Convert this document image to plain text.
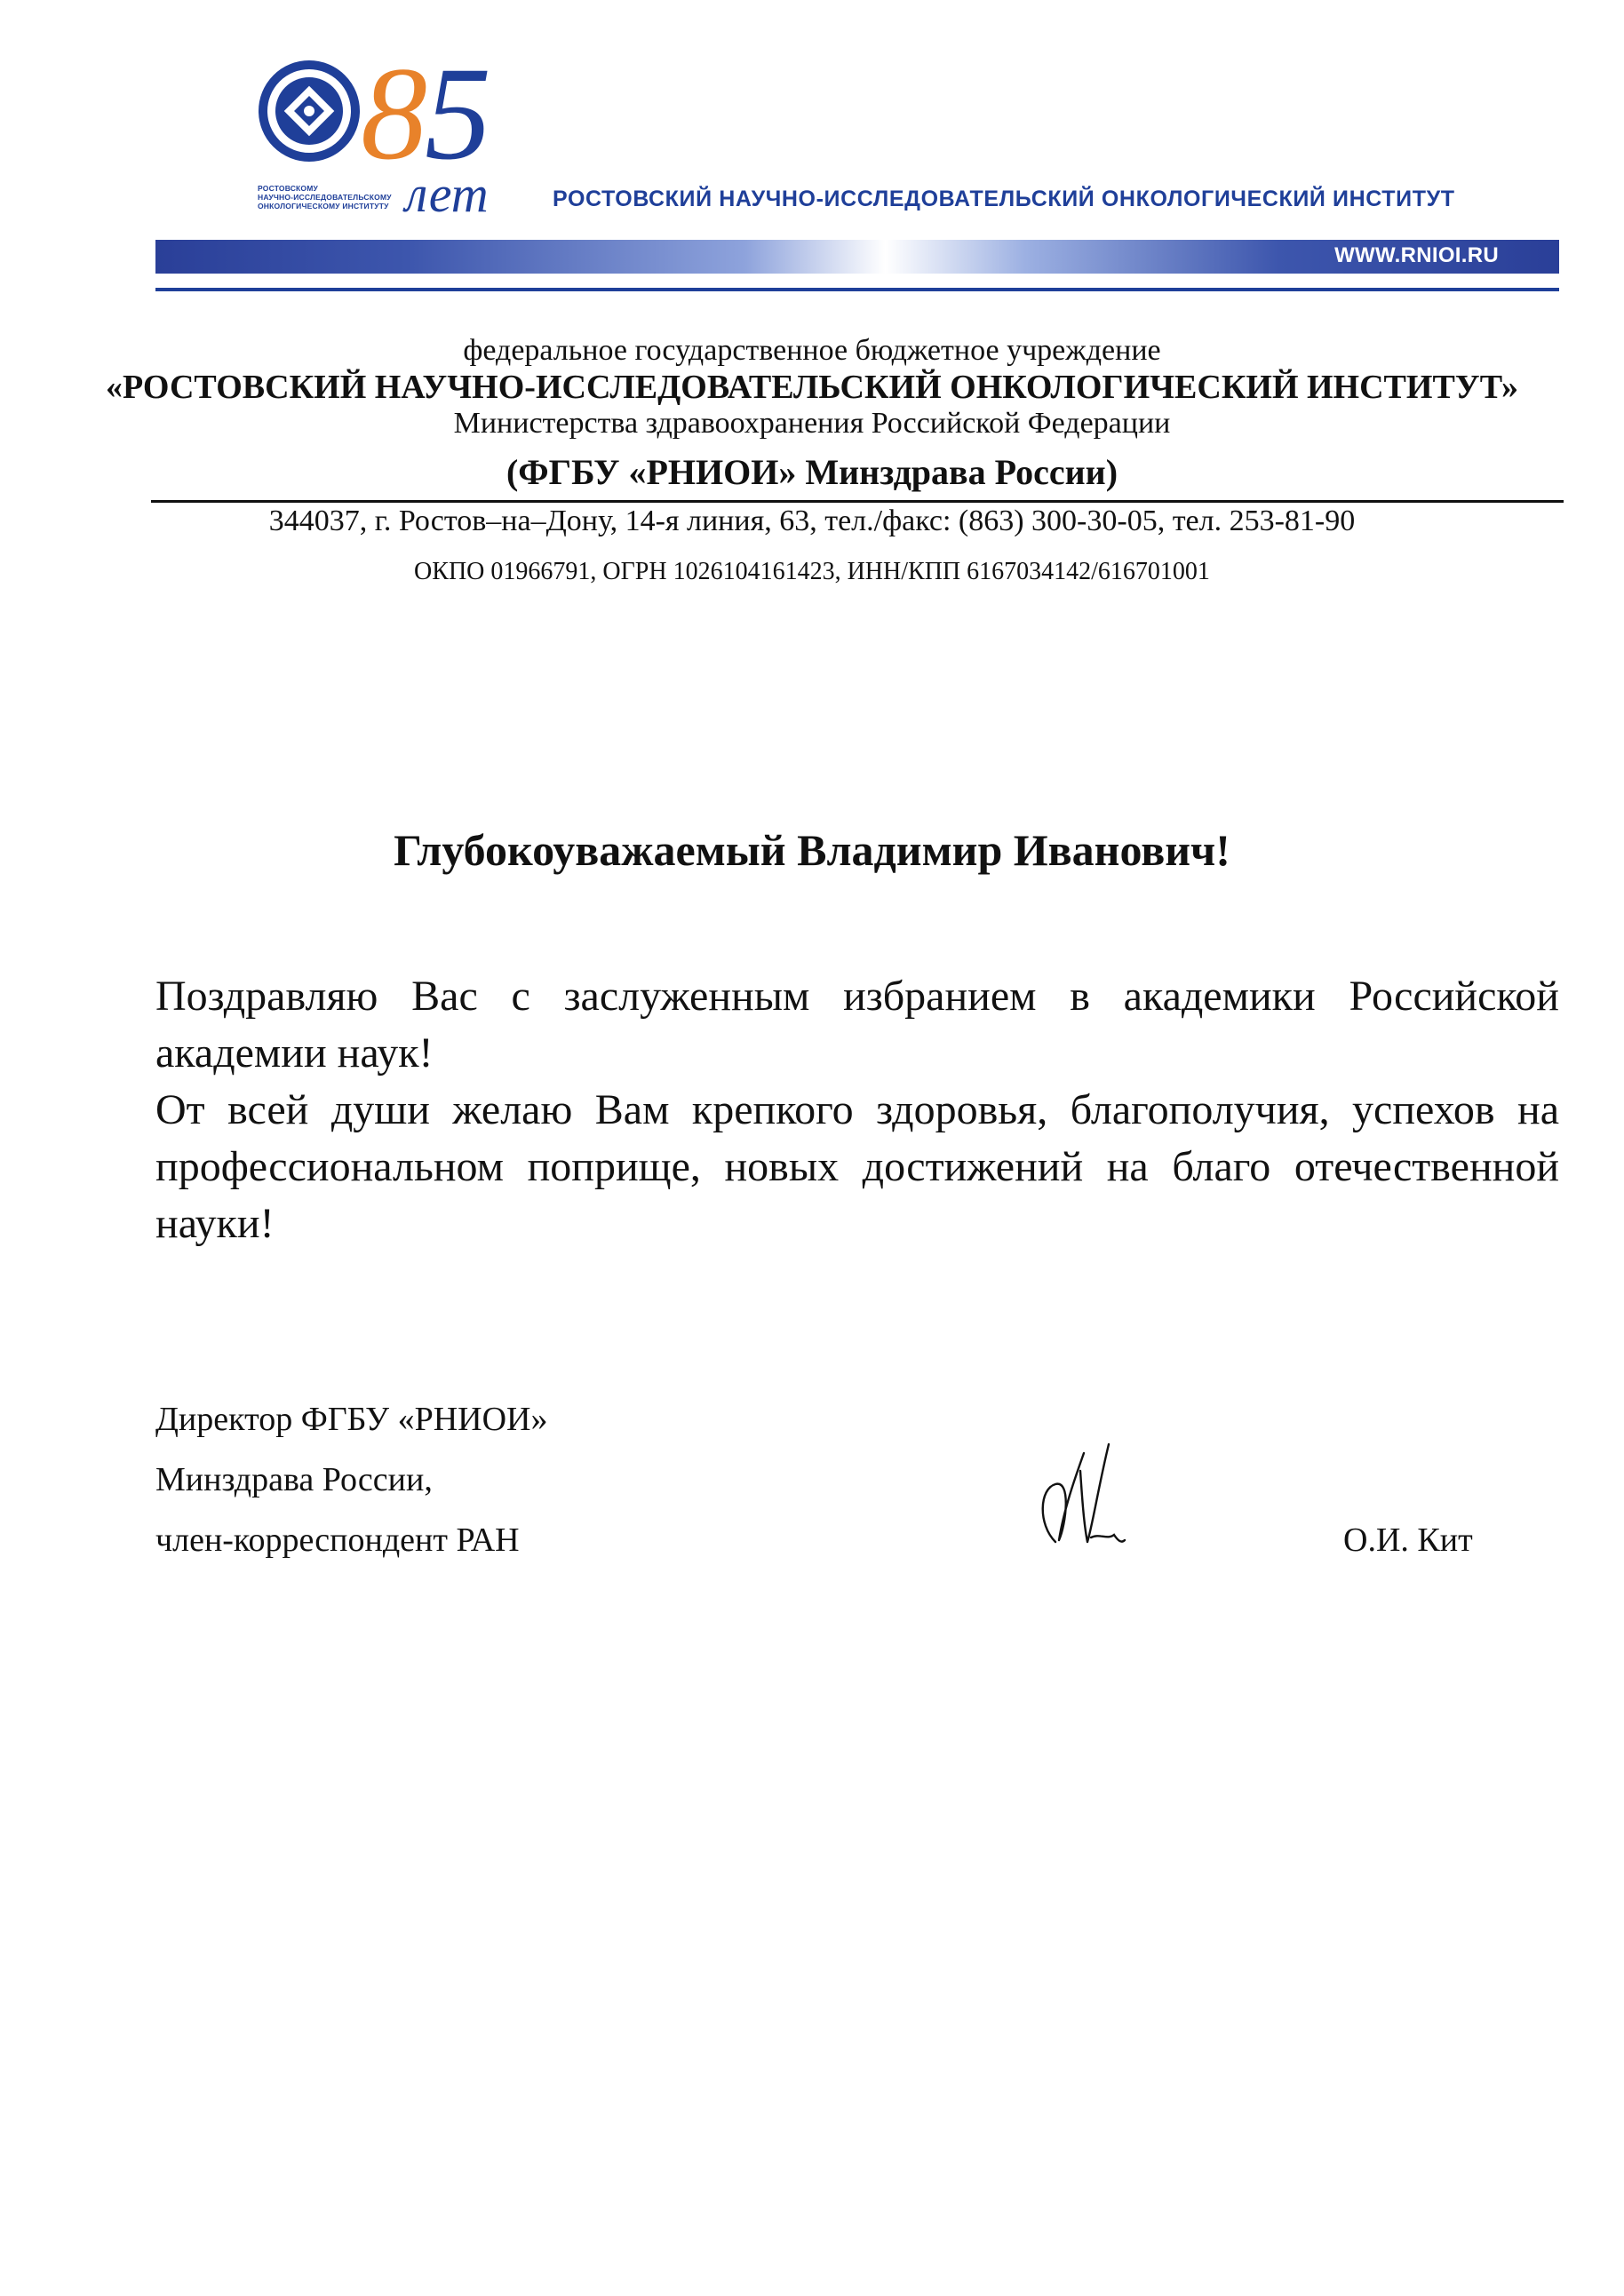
8
5
лет
РОСТОВСКОМУ
НАУЧНО-ИССЛЕДОВАТЕЛЬСКОМУ
ОНКОЛОГИЧЕСКОМУ ИНСТИТУТУ	РОСТОВСКИЙ НАУЧНО-ИССЛЕДОВАТЕЛЬСКИЙ ОНКОЛОГИЧЕСКИЙ ИНСТИТУТ
WWW.RNIOI.RU
федеральное государственное бюджетное учреждение
«РОСТОВСКИЙ НАУЧНО-ИССЛЕДОВАТЕЛЬСКИЙ ОНКОЛОГИЧЕСКИЙ ИНСТИТУТ»
Министерства здравоохранения Российской Федерации
(ФГБУ «РНИОИ» Минздрава России)
344037, г. Ростов–на–Дону, 14-я линия, 63, тел./факс: (863) 300-30-05, тел. 253-81-90
ОКПО 01966791, ОГРН 1026104161423, ИНН/КПП 6167034142/616701001
Глубокоуважаемый Владимир Иванович!
Поздравляю Вас с заслуженным избранием в академики Российской академии наук!
От всей души желаю Вам крепкого здоровья, благополучия, успехов на профессиональном поприще, новых достижений на благо отечественной науки!
Директор ФГБУ «РНИОИ»
Минздрава России,
член-корреспондент РАН	О.И. Кит
